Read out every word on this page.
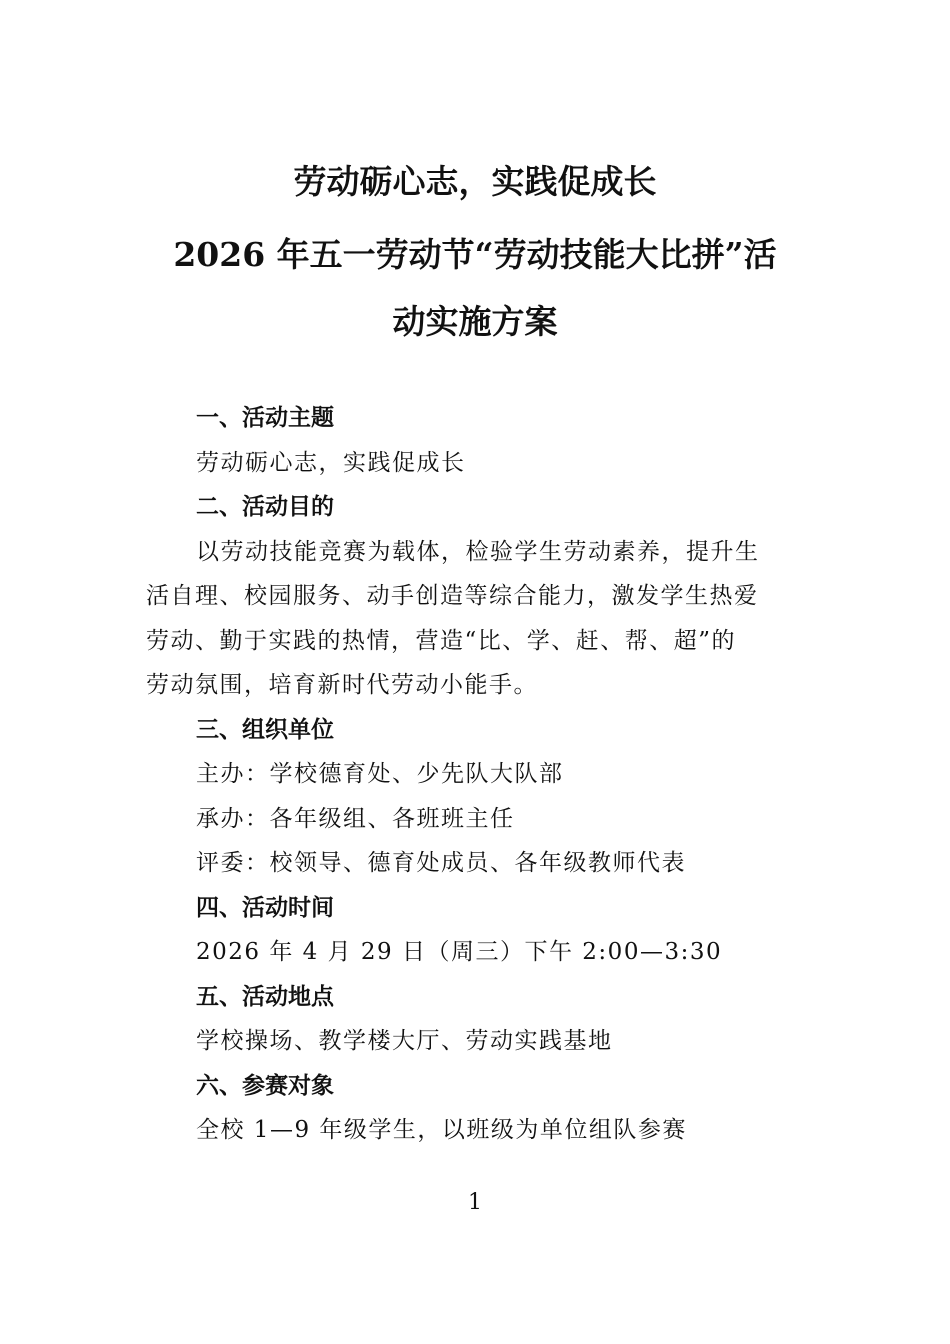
劳动砺心志，实践促成长
2026 年五一劳动节“劳动技能大比拼”活
动实施方案
一、活动主题
劳动砺心志，实践促成长
二、活动目的
以劳动技能竞赛为载体，检验学生劳动素养，提升生
活自理、校园服务、动手创造等综合能力，激发学生热爱
劳动、勤于实践的热情，营造“比、学、赶、帮、超”的
劳动氛围，培育新时代劳动小能手。
三、组织单位
主办：学校德育处、少先队大队部
承办：各年级组、各班班主任
评委：校领导、德育处成员、各年级教师代表
四、活动时间
2026 年 4 月 29 日（周三）下午 2:00—3:30
五、活动地点
学校操场、教学楼大厅、劳动实践基地
六、参赛对象
全校 1—9 年级学生，以班级为单位组队参赛
1
